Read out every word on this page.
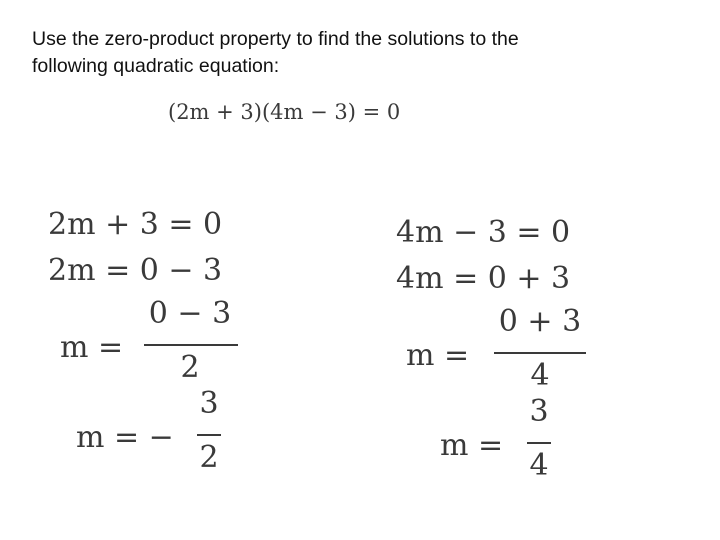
Use the zero-product property to find the solutions to the
following quadratic equation:

(2m + 3)(4m − 3) = 0
2m + 3 = 0
2m = 0 − 3
m =
0 − 3
2
m = −
3
2
4m − 3 = 0
4m = 0 + 3
m =
0 + 3
4
m =
3
4
